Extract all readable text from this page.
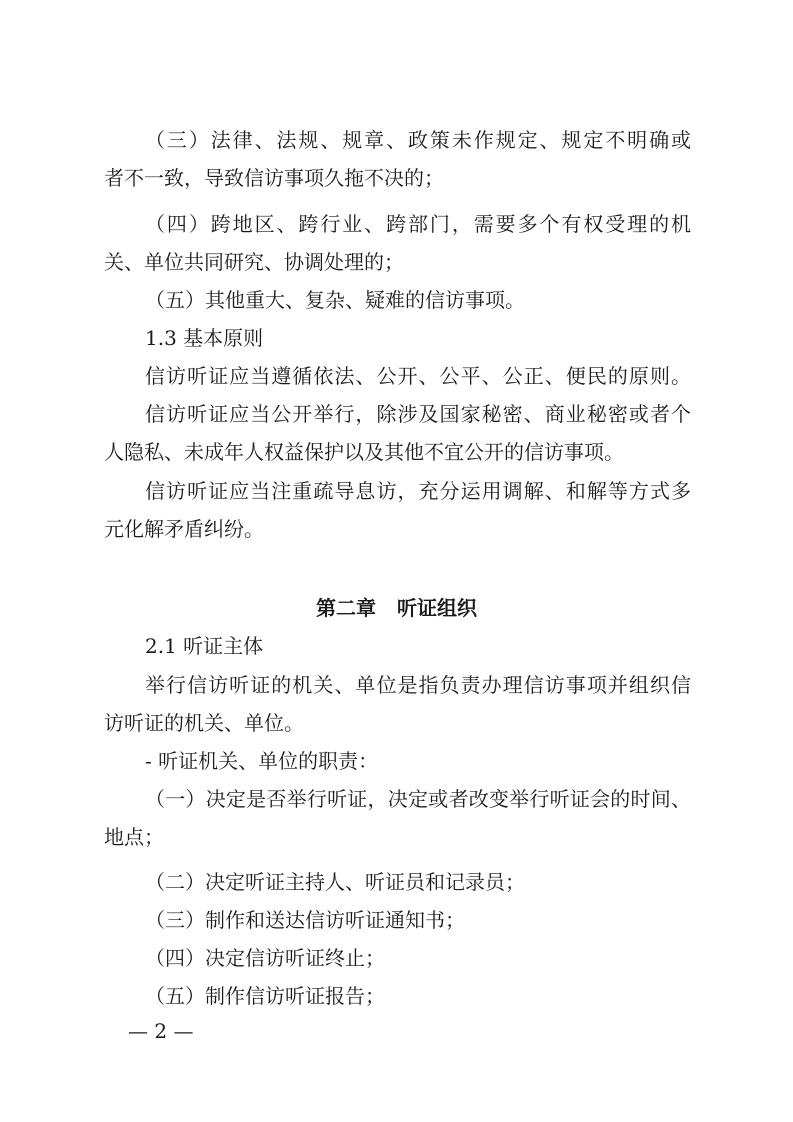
（三）法律、法规、规章、政策未作规定、规定不明确或

者不一致，导致信访事项久拖不决的；

（四）跨地区、跨行业、跨部门，需要多个有权受理的机

关、单位共同研究、协调处理的；

（五）其他重大、复杂、疑难的信访事项。

1.3 基本原则

信访听证应当遵循依法、公开、公平、公正、便民的原则。

信访听证应当公开举行，除涉及国家秘密、商业秘密或者个

人隐私、未成年人权益保护以及其他不宜公开的信访事项。

信访听证应当注重疏导息访，充分运用调解、和解等方式多

元化解矛盾纠纷。

第二章 听证组织

2.1 听证主体

举行信访听证的机关、单位是指负责办理信访事项并组织信

访听证的机关、单位。

- 听证机关、单位的职责：

（一）决定是否举行听证，决定或者改变举行听证会的时间、

地点；

（二）决定听证主持人、听证员和记录员；

（三）制作和送达信访听证通知书；

（四）决定信访听证终止；

（五）制作信访听证报告；

— 2 —
